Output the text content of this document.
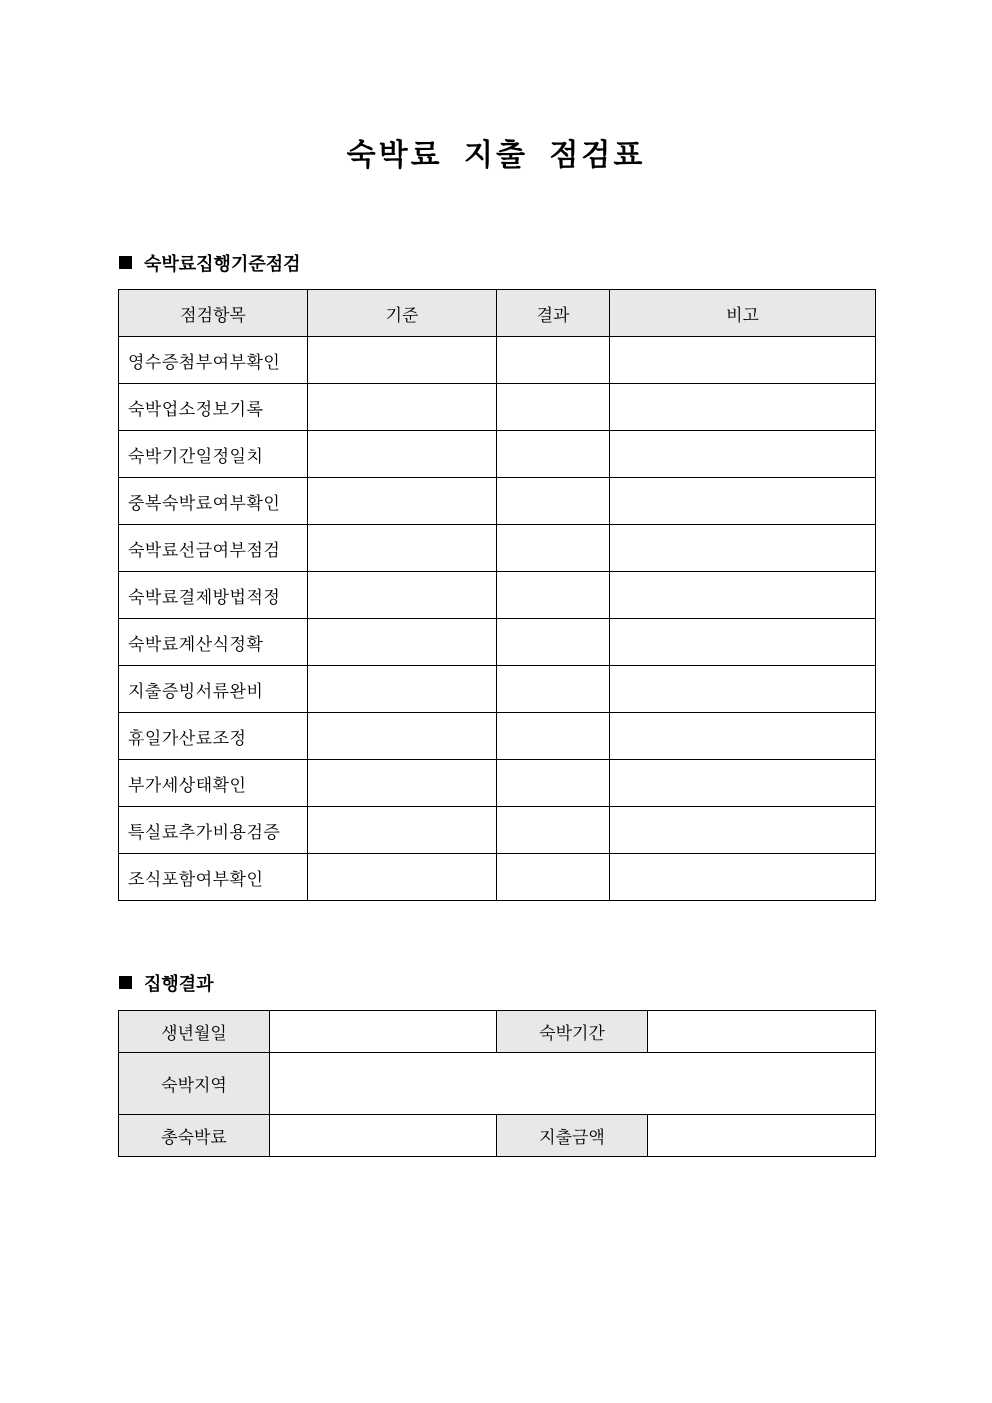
숙박료 지출 점검표
숙박료집행기준점검
점검항목	기준	결과	비고
영수증첨부여부확인			
숙박업소정보기록			
숙박기간일정일치			
중복숙박료여부확인			
숙박료선금여부점검			
숙박료결제방법적정			
숙박료계산식정확			
지출증빙서류완비			
휴일가산료조정			
부가세상태확인			
특실료추가비용검증			
조식포함여부확인			
집행결과
생년월일		숙박기간	
숙박지역			
총숙박료		지출금액	
